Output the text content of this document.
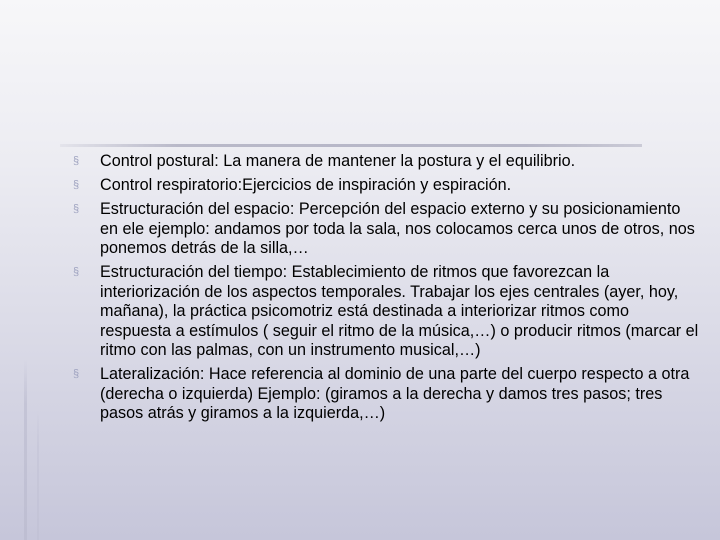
§ Control postural: La manera de mantener la postura y el equilibrio.
§ Control respiratorio:Ejercicios de inspiración y espiración.
§ Estructuración del espacio: Percepción del espacio externo y su posicionamiento en ele ejemplo: andamos por toda la sala, nos colocamos cerca unos de otros, nos ponemos detrás de la silla,…
§ Estructuración del tiempo: Establecimiento de ritmos que favorezcan la interiorización de los aspectos temporales. Trabajar los ejes centrales (ayer, hoy, mañana), la práctica psicomotriz está destinada a interiorizar ritmos como respuesta a estímulos ( seguir el ritmo de la música,…) o producir ritmos (marcar el ritmo con las palmas, con un instrumento musical,…)
§ Lateralización: Hace referencia al dominio de una parte del cuerpo respecto a otra (derecha o izquierda) Ejemplo: (giramos a la derecha y damos tres pasos; tres pasos atrás y giramos a la izquierda,…)
